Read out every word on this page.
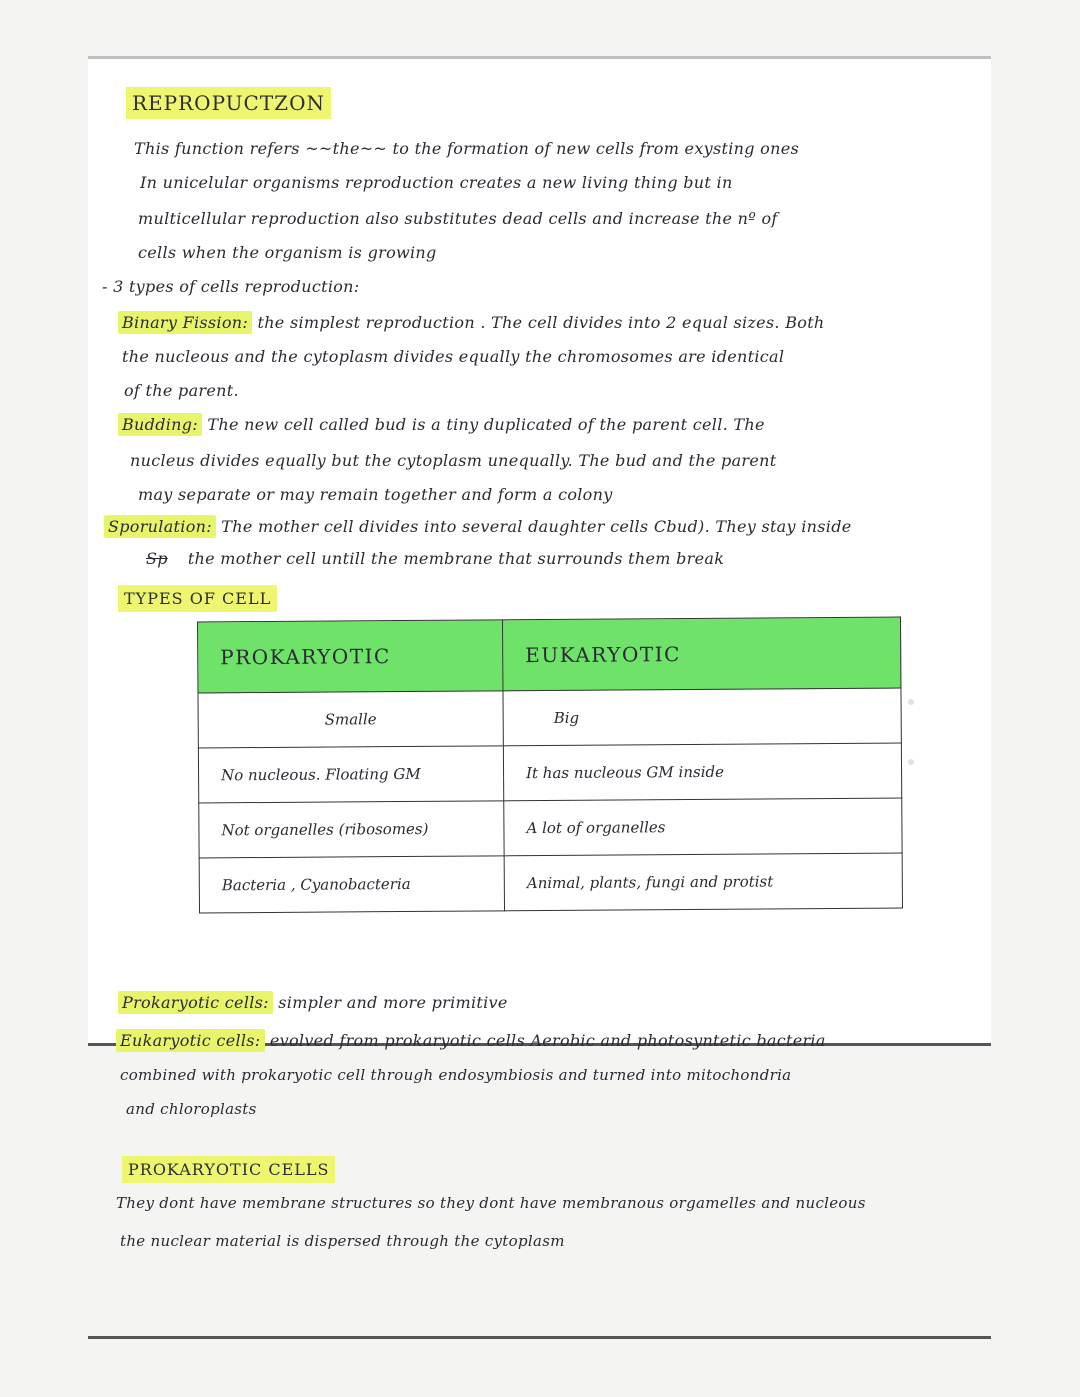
REPROPUCTZON
This function refers ~~the~~ to the formation of new cells from exysting ones
In unicelular organisms reproduction creates a new living thing but in
multicellular reproduction also substitutes dead cells and increase the nº of
cells when the organism is growing
- 3 types of cells reproduction:
Binary Fission: the simplest reproduction . The cell divides into 2 equal sizes. Both
the nucleous and the cytoplasm divides equally the chromosomes are identical
of the parent.
Budding: The new cell called bud is a tiny duplicated of the parent cell. The
nucleus divides equally but the cytoplasm unequally. The bud and the parent
may separate or may remain together and form a colony
Sporulation: The mother cell divides into several daughter cells Cbud). They stay inside
Sp the mother cell untill the membrane that surrounds them break
TYPES OF CELL
PROKARYOTIC	EUKARYOTIC
Smalle	Big
No nucleous. Floating GM	It has nucleous GM inside
Not organelles (ribosomes)	A lot of organelles
Bacteria , Cyanobacteria	Animal, plants, fungi and protist
Prokaryotic cells: simpler and more primitive
Eukaryotic cells: evolved from prokaryotic cells Aerobic and photosyntetic bacteria
combined with prokaryotic cell through endosymbiosis and turned into mitochondria
and chloroplasts
PROKARYOTIC CELLS
They dont have membrane structures so they dont have membranous orgamelles and nucleous
the nuclear material is dispersed through the cytoplasm
